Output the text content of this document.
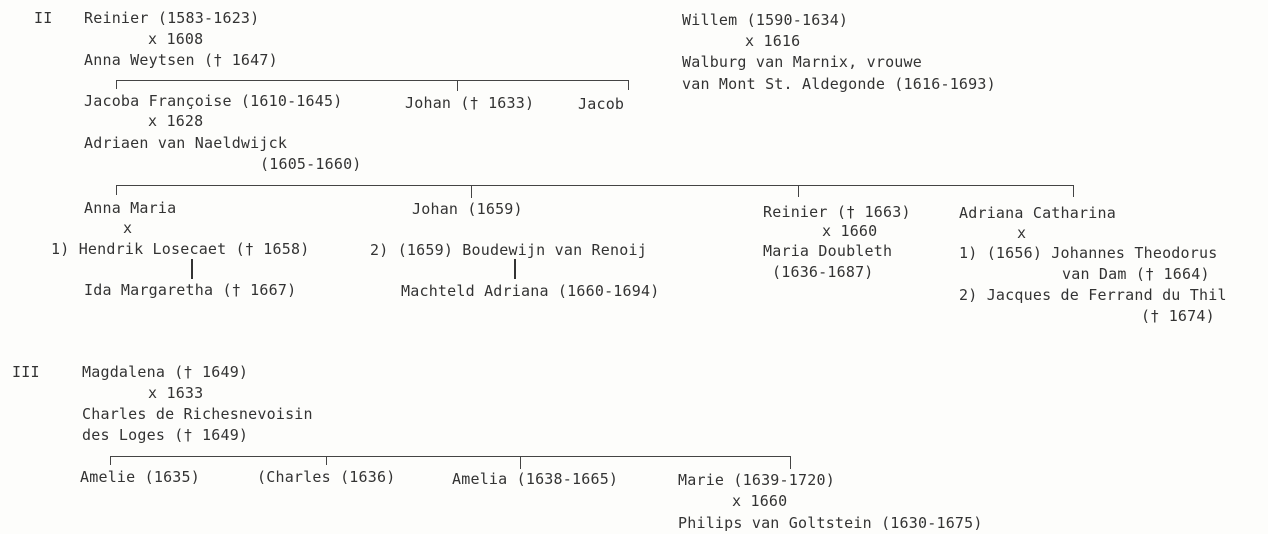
II Reinier (1583-1623)
x 1608
Anna Weytsen († 1647)
Willem (1590-1634)
x 1616
Walburg van Marnix, vrouwe
van Mont St. Aldegonde (1616-1693)
Jacoba Françoise (1610-1645)
x 1628
Adriaen van Naeldwijck
(1605-1660)
Johan († 1633)	Jacob
Anna Maria
x
1) Hendrik Losecaet († 1658)
Ida Margaretha († 1667)
Johan (1659)
2) (1659) Boudewijn van Renoij
Machteld Adriana (1660-1694)
Reinier († 1663)
x 1660
Maria Doubleth
(1636-1687)
Adriana Catharina
x
1) (1656) Johannes Theodorus
van Dam († 1664)
2) Jacques de Ferrand du Thil
(† 1674)
III	Magdalena († 1649)
x 1633
Charles de Richesnevoisin
des Loges († 1649)
Amelie (1635)	(Charles (1636)	Amelia (1638-1665)	Marie (1639-1720)
x 1660
Philips van Goltstein (1630-1675)
